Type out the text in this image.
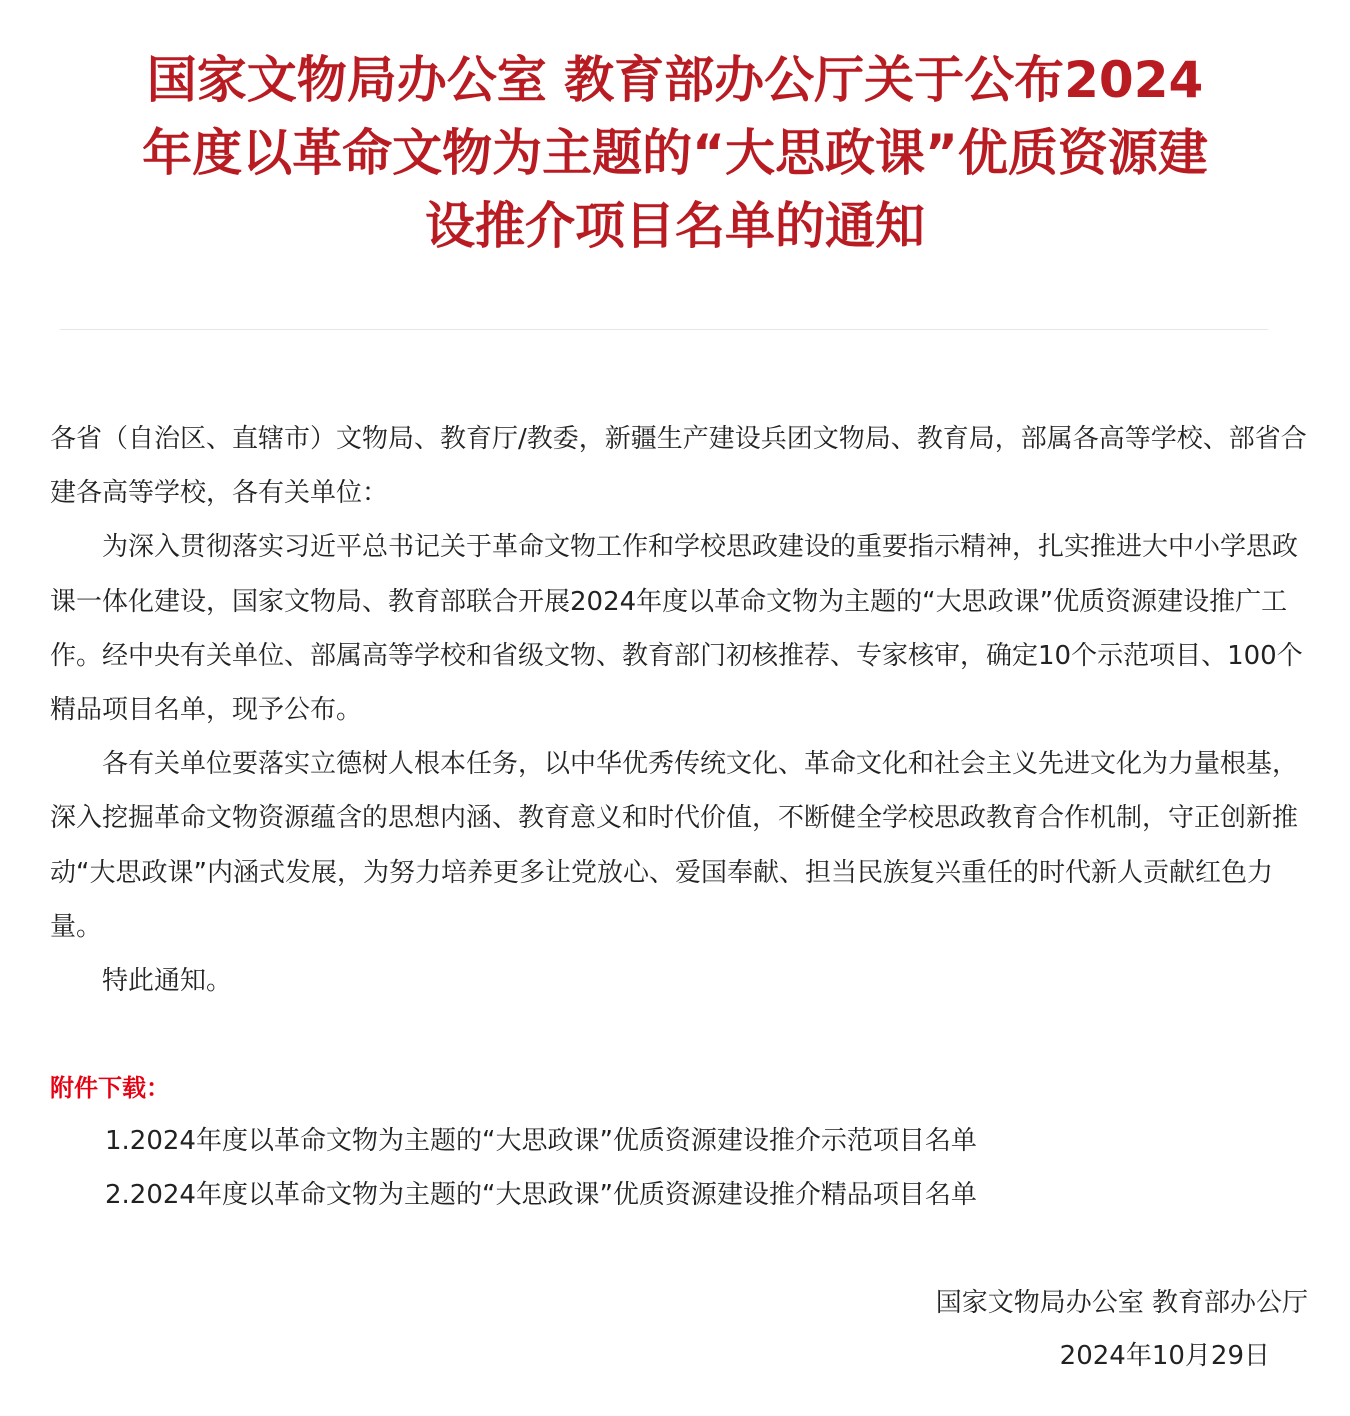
国家文物局办公室 教育部办公厅关于公布2024
年度以革命文物为主题的“大思政课”优质资源建
设推介项目名单的通知

各省（自治区、直辖市）文物局、教育厅/教委，新疆生产建设兵团文物局、教育局，部属各高等学校、部省合建各高等学校，各有关单位：

为深入贯彻落实习近平总书记关于革命文物工作和学校思政建设的重要指示精神，扎实推进大中小学思政课一体化建设，国家文物局、教育部联合开展2024年度以革命文物为主题的“大思政课”优质资源建设推广工作。经中央有关单位、部属高等学校和省级文物、教育部门初核推荐、专家核审，确定10个示范项目、100个精品项目名单，现予公布。

各有关单位要落实立德树人根本任务，以中华优秀传统文化、革命文化和社会主义先进文化为力量根基，深入挖掘革命文物资源蕴含的思想内涵、教育意义和时代价值，不断健全学校思政教育合作机制，守正创新推动“大思政课”内涵式发展，为努力培养更多让党放心、爱国奉献、担当民族复兴重任的时代新人贡献红色力量。

特此通知。

附件下载：
1.2024年度以革命文物为主题的“大思政课”优质资源建设推介示范项目名单
2.2024年度以革命文物为主题的“大思政课”优质资源建设推介精品项目名单
国家文物局办公室 教育部办公厅
2024年10月29日
